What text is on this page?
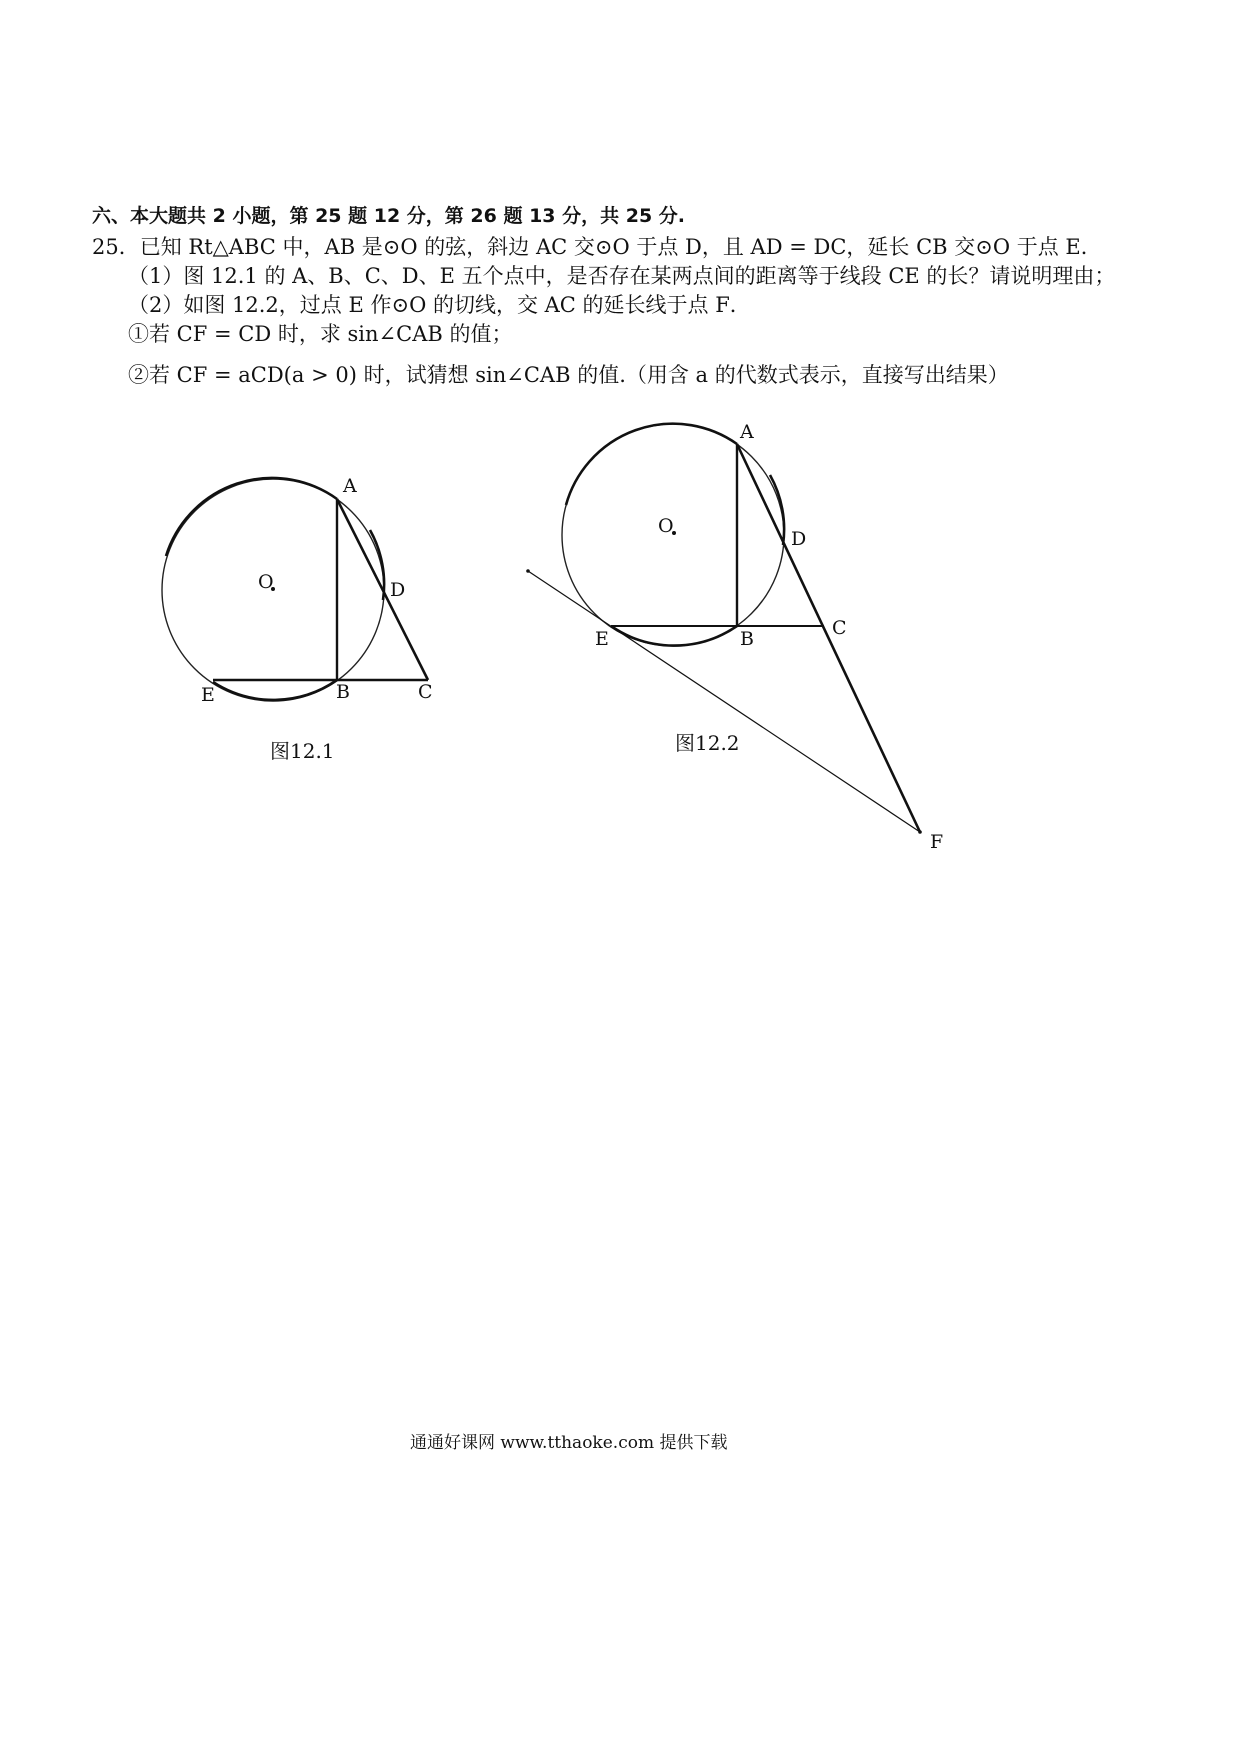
六、本大题共 2 小题，第 25 题 12 分，第 26 题 13 分，共 25 分.
25．已知 Rt△ABC 中，AB 是⊙O 的弦，斜边 AC 交⊙O 于点 D，且 AD = DC，延长 CB 交⊙O 于点 E．
（1）图 12.1 的 A、B、C、D、E 五个点中，是否存在某两点间的距离等于线段 CE 的长？请说明理由；
（2）如图 12.2，过点 E 作⊙O 的切线，交 AC 的延长线于点 F．
①若 CF = CD 时，求 sin∠CAB 的值；
②若 CF = aCD(a > 0) 时，试猜想 sin∠CAB 的值.（用含 a 的代数式表示，直接写出结果）
A
O	D
E	B	C
A
O
D
E	B	C
F
图12.1	图12.2
通通好课网 www.tthaoke.com 提供下载
